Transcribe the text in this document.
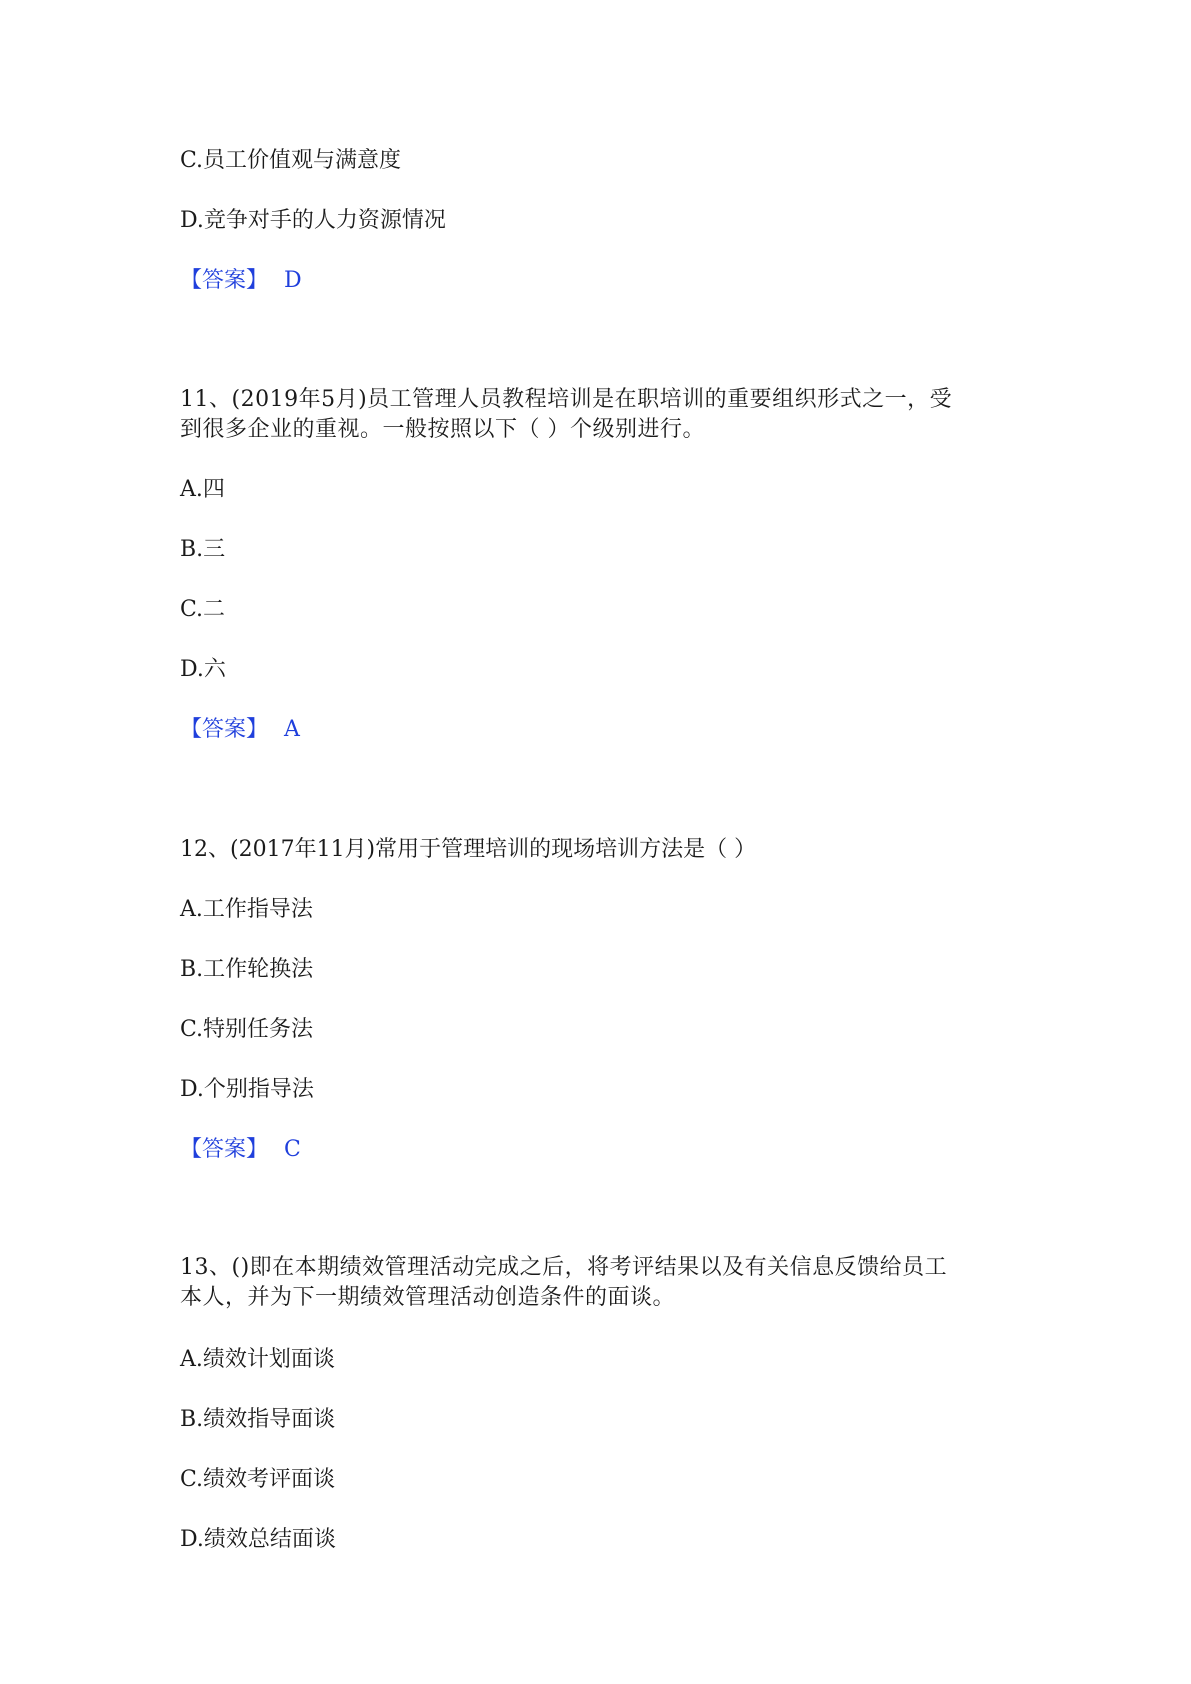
C.员工价值观与满意度
D.竞争对手的人力资源情况
【答案】 D
11、(2019年5月)员工管理人员教程培训是在职培训的重要组织形式之一，受
到很多企业的重视。一般按照以下（ ）个级别进行。
A.四
B.三
C.二
D.六
【答案】 A
12、(2017年11月)常用于管理培训的现场培训方法是（ ）
A.工作指导法
B.工作轮换法
C.特别任务法
D.个别指导法
【答案】 C
13、()即在本期绩效管理活动完成之后，将考评结果以及有关信息反馈给员工
本人，并为下一期绩效管理活动创造条件的面谈。
A.绩效计划面谈
B.绩效指导面谈
C.绩效考评面谈
D.绩效总结面谈
